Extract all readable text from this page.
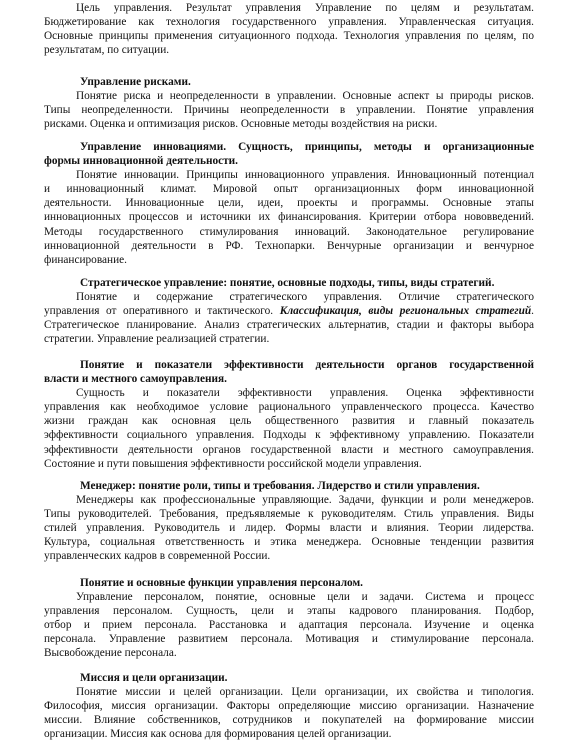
Цель управления. Результат управления Управление по целям и результатам.
Бюджетирование как технология государственного управления. Управленческая ситуация.
Основные принципы применения ситуационного подхода. Технология управления по целям, по
результатам, по ситуации.
Управление рисками.
Понятие риска и неопределенности в управлении. Основные аспект ы природы рисков.
Типы неопределенности. Причины неопределенности в управлении. Понятие управления
рисками. Оценка и оптимизация рисков. Основные методы воздействия на риски.
Управление инновациями. Сущность, принципы, методы и организационные
формы инновационной деятельности.
Понятие инновации. Принципы инновационного управления. Инновационный потенциал
и инновационный климат. Мировой опыт организационных форм инновационной
деятельности. Инновационные цели, идеи, проекты и программы. Основные этапы
инновационных процессов и источники их финансирования. Критерии отбора нововведений.
Методы государственного стимулирования инноваций. Законодательное регулирование
инновационной деятельности в РФ. Технопарки. Венчурные организации и венчурное
финансирование.
Стратегическое управление: понятие, основные подходы, типы, виды стратегий.
Понятие и содержание стратегического управления. Отличие стратегического
управления от оперативного и тактического. Классификация, виды региональных стратегий.
Стратегическое планирование. Анализ стратегических альтернатив, стадии и факторы выбора
стратегии. Управление реализацией стратегии.
Понятие и показатели эффективности деятельности органов государственной
власти и местного самоуправления.
Сущность и показатели эффективности управления. Оценка эффективности
управления как необходимое условие рационального управленческого процесса. Качество
жизни граждан как основная цель общественного развития и главный показатель
эффективности социального управления. Подходы к эффективному управлению. Показатели
эффективности деятельности органов государственной власти и местного самоуправления.
Состояние и пути повышения эффективности российской модели управления.
Менеджер: понятие роли, типы и требования. Лидерство и стили управления.
Менеджеры как профессиональные управляющие. Задачи, функции и роли менеджеров.
Типы руководителей. Требования, предъявляемые к руководителям. Стиль управления. Виды
стилей управления. Руководитель и лидер. Формы власти и влияния. Теории лидерства.
Культура, социальная ответственность и этика менеджера. Основные тенденции развития
управленческих кадров в современной России.
Понятие и основные функции управления персоналом.
Управление персоналом, понятие, основные цели и задачи. Система и процесс
управления персоналом. Сущность, цели и этапы кадрового планирования. Подбор,
отбор и прием персонала. Расстановка и адаптация персонала. Изучение и оценка
персонала. Управление развитием персонала. Мотивация и стимулирование персонала.
Высвобождение персонала.
Миссия и цели организации.
Понятие миссии и целей организации. Цели организации, их свойства и типология.
Философия, миссия организации. Факторы определяющие миссию организации. Назначение
миссии. Влияние собственников, сотрудников и покупателей на формирование миссии
организации. Миссия как основа для формирования целей организации.
